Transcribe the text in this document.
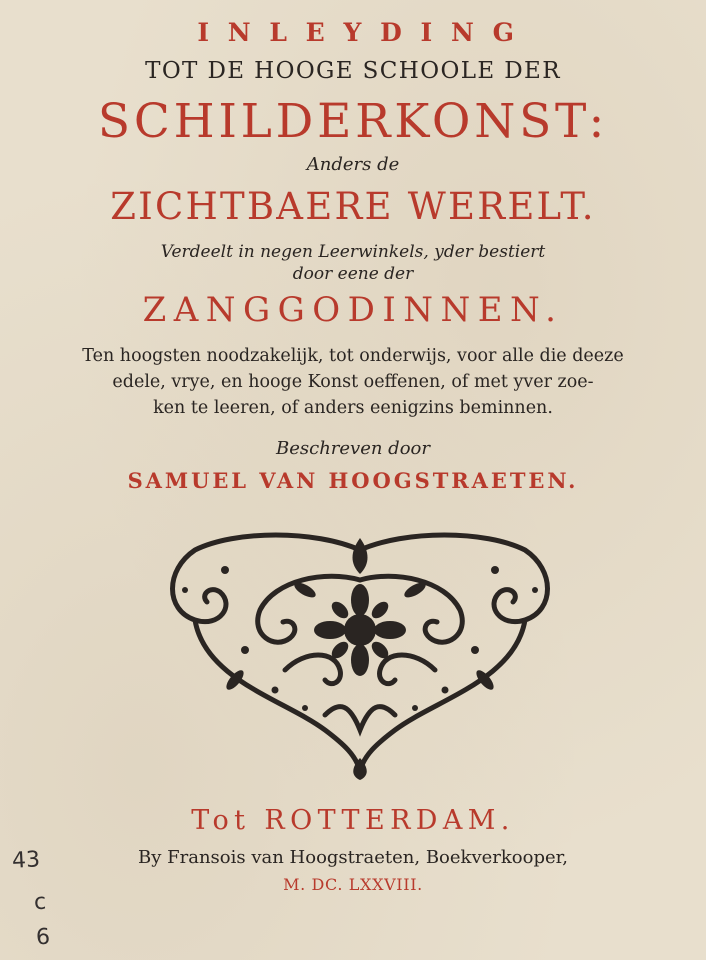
INLEYDING
TOT DE HOOGE SCHOOLE DER
SCHILDERKONST:
Anders de
ZICHTBAERE WERELT.
Verdeelt in negen Leerwinkels, yder bestiert
door eene der
ZANGGODINNEN.
Ten hoogsten noodzakelijk, tot onderwijs, voor alle die deeze
edele, vrye, en hooge Konst oeffenen, of met yver zoe-
ken te leeren, of anders eenigzins beminnen.
Beschreven door
SAMUEL VAN HOOGSTRAETEN.
Tot ROTTERDAM.
By Fransois van Hoogstraeten, Boekverkooper,
M. DC. LXXVIII.
43
c
6
